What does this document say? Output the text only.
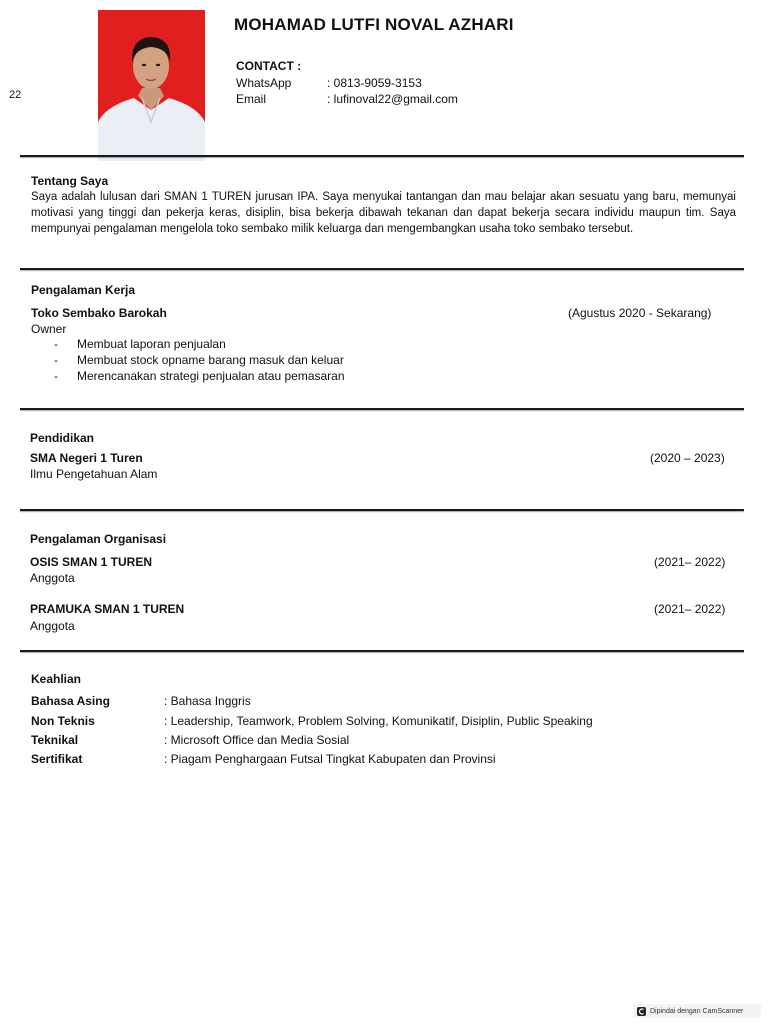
22
MOHAMAD LUTFI NOVAL AZHARI
CONTACT :
WhatsApp	: 0813-9059-3153
Email	: lufinoval22@gmail.com
Tentang Saya
Saya adalah lulusan dari SMAN 1 TUREN jurusan IPA. Saya menyukai tantangan dan mau belajar akan sesuatu yang baru, memunyai motivasi yang tinggi dan pekerja keras, disiplin, bisa bekerja dibawah tekanan dan dapat bekerja secara individu maupun tim. Saya mempunyai pengalaman mengelola toko sembako milik keluarga dan mengembangkan usaha toko sembako tersebut.
Pengalaman Kerja
Toko Sembako Barokah	(Agustus 2020 - Sekarang)
Owner
-	Membuat laporan penjualan
-	Membuat stock opname barang masuk dan keluar
-	Merencanakan strategi penjualan atau pemasaran
Pendidikan
SMA Negeri 1 Turen	(2020 – 2023)
Ilmu Pengetahuan Alam
Pengalaman Organisasi
OSIS SMAN 1 TUREN	(2021– 2022)
Anggota
PRAMUKA SMAN 1 TUREN	(2021– 2022)
Anggota
Keahlian
Bahasa Asing	: Bahasa Inggris
Non Teknis	: Leadership, Teamwork, Problem Solving, Komunikatif, Disiplin, Public Speaking
Teknikal	: Microsoft Office dan Media Sosial
Sertifikat	: Piagam Penghargaan Futsal Tingkat Kabupaten dan Provinsi
Dipindai dengan CamScanner
